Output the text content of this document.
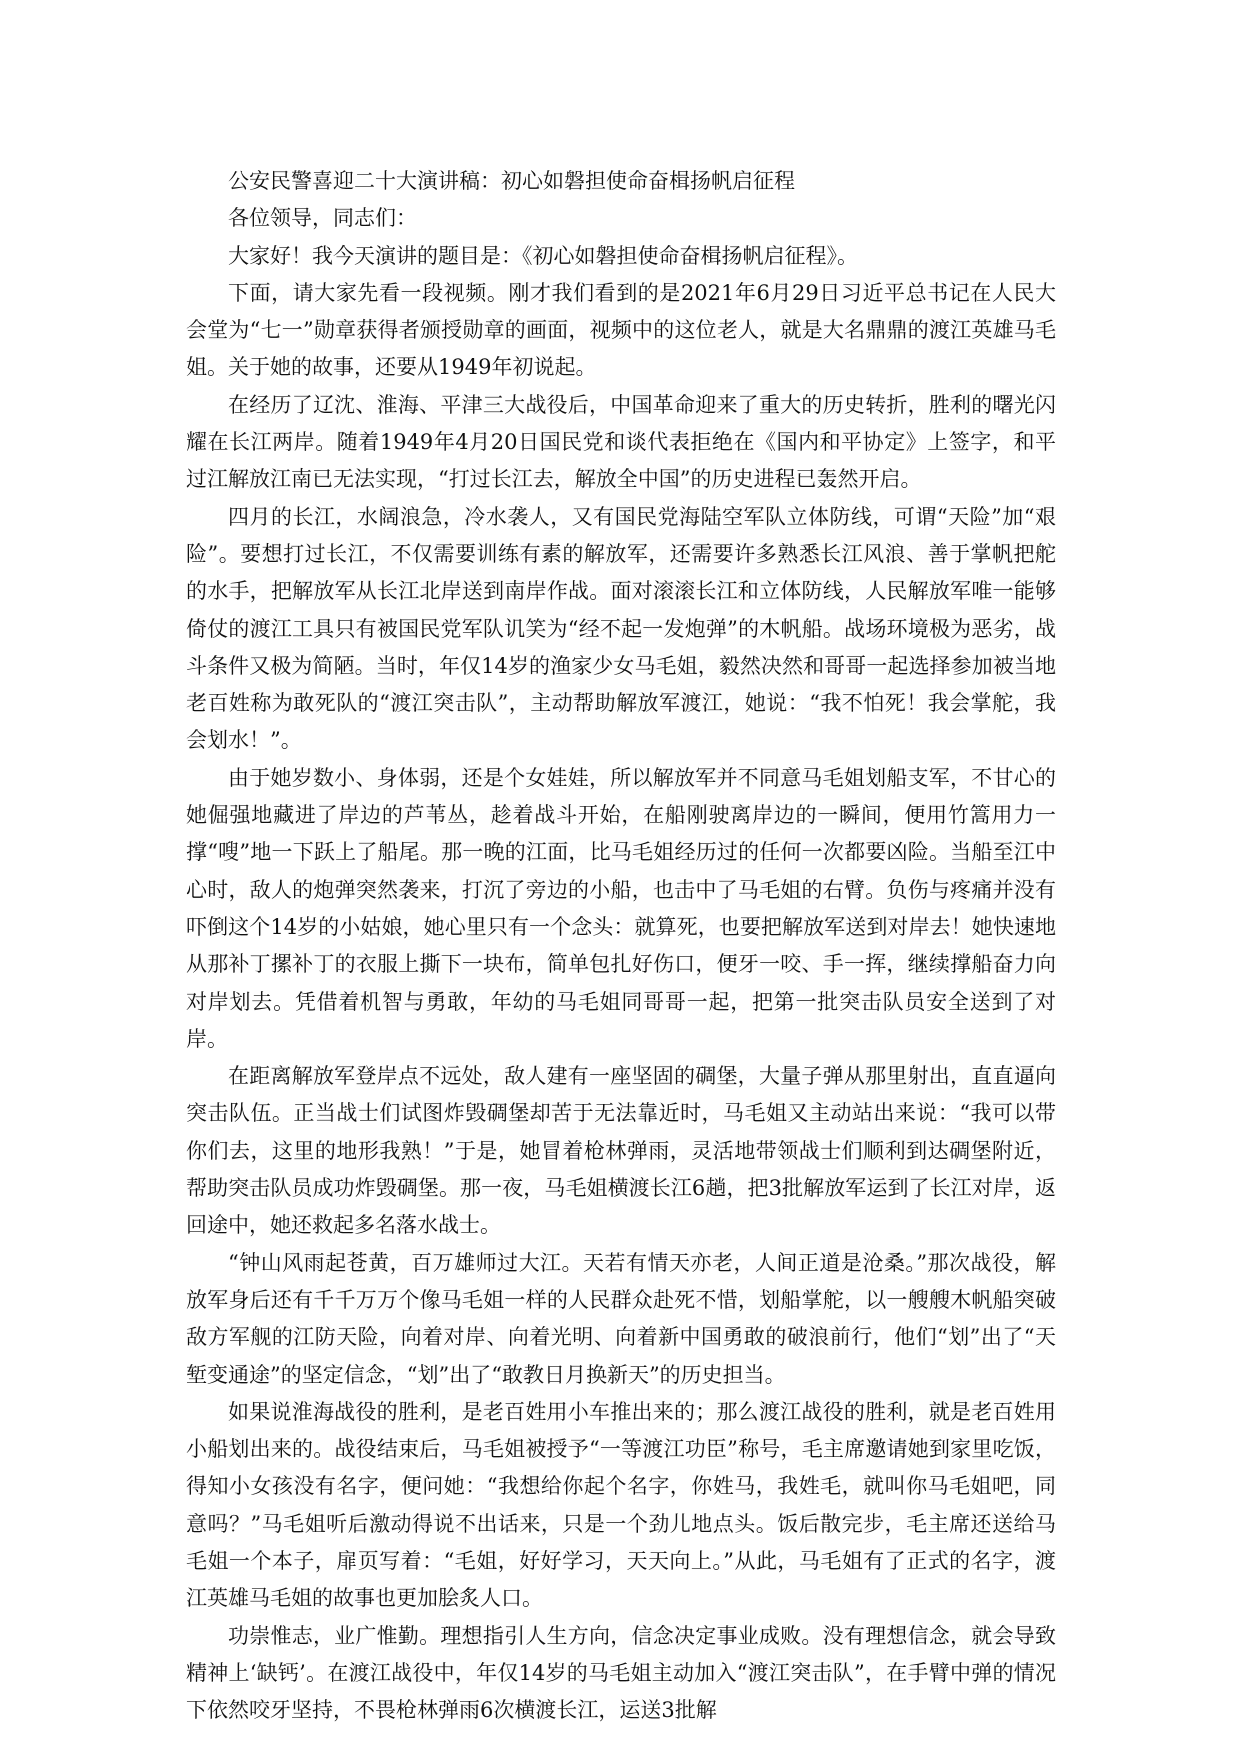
公安民警喜迎二十大演讲稿：初心如磐担使命奋楫扬帆启征程

各位领导，同志们：

大家好！我今天演讲的题目是：《初心如磐担使命奋楫扬帆启征程》。

下面，请大家先看一段视频。刚才我们看到的是2021年6月29日习近平总书记在人民大会堂为“七一”勋章获得者颁授勋章的画面，视频中的这位老人，就是大名鼎鼎的渡江英雄马毛姐。关于她的故事，还要从1949年初说起。

在经历了辽沈、淮海、平津三大战役后，中国革命迎来了重大的历史转折，胜利的曙光闪耀在长江两岸。随着1949年4月20日国民党和谈代表拒绝在《国内和平协定》上签字，和平过江解放江南已无法实现，“打过长江去，解放全中国”的历史进程已轰然开启。

四月的长江，水阔浪急，冷水袭人，又有国民党海陆空军队立体防线，可谓“天险”加“艰险”。要想打过长江，不仅需要训练有素的解放军，还需要许多熟悉长江风浪、善于掌帆把舵的水手，把解放军从长江北岸送到南岸作战。面对滚滚长江和立体防线，人民解放军唯一能够倚仗的渡江工具只有被国民党军队讥笑为“经不起一发炮弹”的木帆船。战场环境极为恶劣，战斗条件又极为简陋。当时，年仅14岁的渔家少女马毛姐，毅然决然和哥哥一起选择参加被当地老百姓称为敢死队的“渡江突击队”，主动帮助解放军渡江，她说：“我不怕死！我会掌舵，我会划水！”。

由于她岁数小、身体弱，还是个女娃娃，所以解放军并不同意马毛姐划船支军，不甘心的她倔强地藏进了岸边的芦苇丛，趁着战斗开始，在船刚驶离岸边的一瞬间，便用竹篙用力一撑“嗖”地一下跃上了船尾。那一晚的江面，比马毛姐经历过的任何一次都要凶险。当船至江中心时，敌人的炮弹突然袭来，打沉了旁边的小船，也击中了马毛姐的右臂。负伤与疼痛并没有吓倒这个14岁的小姑娘，她心里只有一个念头：就算死，也要把解放军送到对岸去！她快速地从那补丁摞补丁的衣服上撕下一块布，简单包扎好伤口，便牙一咬、手一挥，继续撑船奋力向对岸划去。凭借着机智与勇敢，年幼的马毛姐同哥哥一起，把第一批突击队员安全送到了对岸。

在距离解放军登岸点不远处，敌人建有一座坚固的碉堡，大量子弹从那里射出，直直逼向突击队伍。正当战士们试图炸毁碉堡却苦于无法靠近时，马毛姐又主动站出来说：“我可以带你们去，这里的地形我熟！”于是，她冒着枪林弹雨，灵活地带领战士们顺利到达碉堡附近，帮助突击队员成功炸毁碉堡。那一夜，马毛姐横渡长江6趟，把3批解放军运到了长江对岸，返回途中，她还救起多名落水战士。

“钟山风雨起苍黄，百万雄师过大江。天若有情天亦老，人间正道是沧桑。”那次战役，解放军身后还有千千万万个像马毛姐一样的人民群众赴死不惜，划船掌舵，以一艘艘木帆船突破敌方军舰的江防天险，向着对岸、向着光明、向着新中国勇敢的破浪前行，他们“划”出了“天堑变通途”的坚定信念，“划”出了“敢教日月换新天”的历史担当。

如果说淮海战役的胜利，是老百姓用小车推出来的；那么渡江战役的胜利，就是老百姓用小船划出来的。战役结束后，马毛姐被授予“一等渡江功臣”称号，毛主席邀请她到家里吃饭，得知小女孩没有名字，便问她：“我想给你起个名字，你姓马，我姓毛，就叫你马毛姐吧，同意吗？”马毛姐听后激动得说不出话来，只是一个劲儿地点头。饭后散完步，毛主席还送给马毛姐一个本子，扉页写着：“毛姐，好好学习，天天向上。”从此，马毛姐有了正式的名字，渡江英雄马毛姐的故事也更加脍炙人口。

功崇惟志，业广惟勤。理想指引人生方向，信念决定事业成败。没有理想信念，就会导致精神上‘缺钙’。在渡江战役中，年仅14岁的马毛姐主动加入“渡江突击队”，在手臂中弹的情况下依然咬牙坚持，不畏枪林弹雨6次横渡长江，运送3批解
